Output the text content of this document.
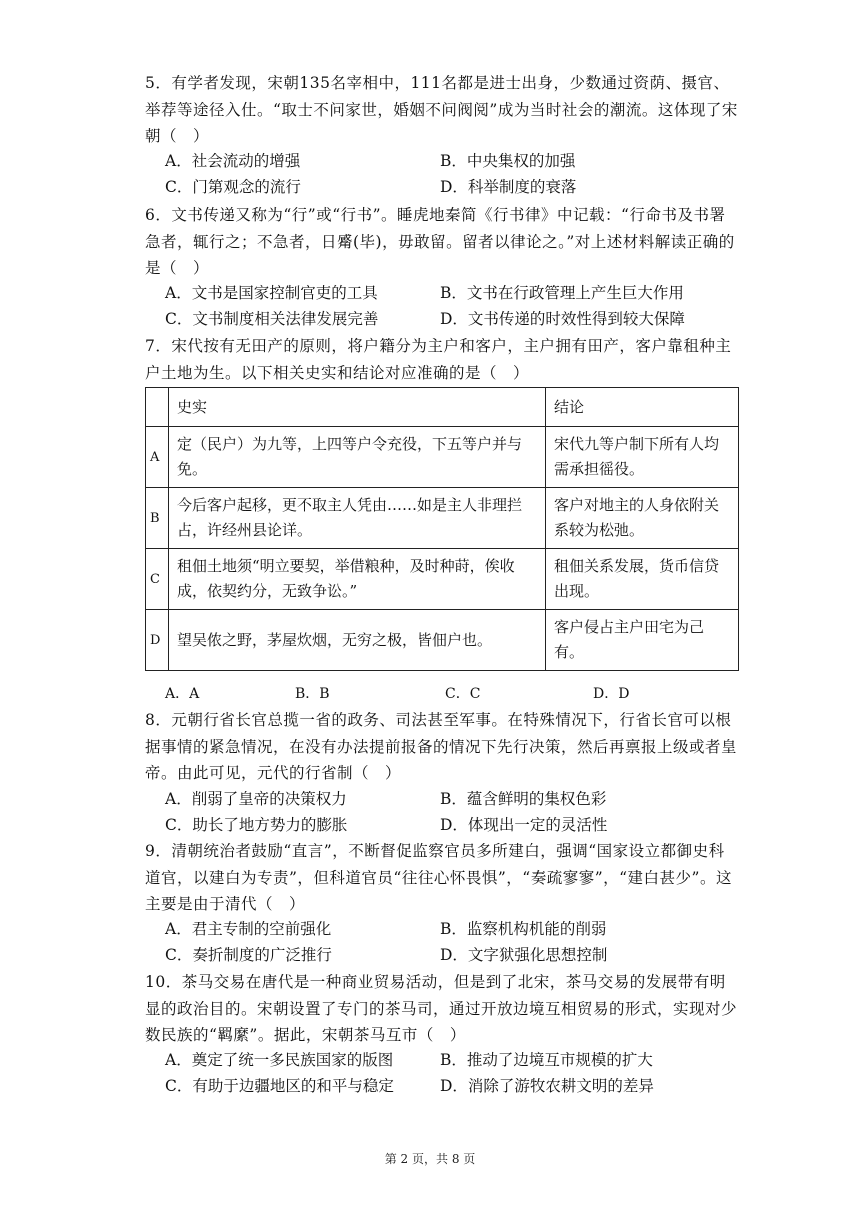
5．有学者发现，宋朝135名宰相中，111名都是进士出身，少数通过资荫、摄官、举荐等途径入仕。“取士不问家世，婚姻不问阀阅”成为当时社会的潮流。这体现了宋朝（　）
A．社会流动的增强	B．中央集权的加强
C．门第观念的流行	D．科举制度的衰落
6．文书传递又称为“行”或“行书”。睡虎地秦简《行书律》中记载：“行命书及书署急者，辄行之；不急者，日觱(毕)，毋敢留。留者以律论之。”对上述材料解读正确的是（　）
A．文书是国家控制官吏的工具	B．文书在行政管理上产生巨大作用
C．文书制度相关法律发展完善	D．文书传递的时效性得到较大保障
7．宋代按有无田产的原则，将户籍分为主户和客户，主户拥有田产，客户靠租种主户土地为生。以下相关史实和结论对应准确的是（　）
	史实	结论
A	定（民户）为九等，上四等户令充役，下五等户并与免。	宋代九等户制下所有人均需承担徭役。
B	今后客户起移，更不取主人凭由……如是主人非理拦占，许经州县论详。	客户对地主的人身依附关系较为松弛。
C	租佃土地须“明立要契，举借粮种，及时种莳，俟收成，依契约分，无致争讼。”	租佃关系发展，货币信贷出现。
D	望吴侬之野，茅屋炊烟，无穷之极，皆佃户也。	客户侵占主户田宅为己有。
A．A	B．B	C．C	D．D
8．元朝行省长官总揽一省的政务、司法甚至军事。在特殊情况下，行省长官可以根据事情的紧急情况，在没有办法提前报备的情况下先行决策，然后再禀报上级或者皇帝。由此可见，元代的行省制（　）
A．削弱了皇帝的决策权力	B．蕴含鲜明的集权色彩
C．助长了地方势力的膨胀	D．体现出一定的灵活性
9．清朝统治者鼓励“直言”，不断督促监察官员多所建白，强调“国家设立都御史科道官，以建白为专责”，但科道官员“往往心怀畏惧”，“奏疏寥寥”，“建白甚少”。这主要是由于清代（　）
A．君主专制的空前强化	B．监察机构机能的削弱
C．奏折制度的广泛推行	D．文字狱强化思想控制
10．茶马交易在唐代是一种商业贸易活动，但是到了北宋，茶马交易的发展带有明显的政治目的。宋朝设置了专门的茶马司，通过开放边境互相贸易的形式，实现对少数民族的“羁縻”。据此，宋朝茶马互市（　）
A．奠定了统一多民族国家的版图	B．推动了边境互市规模的扩大
C．有助于边疆地区的和平与稳定	D．消除了游牧农耕文明的差异
第 2 页，共 8 页
